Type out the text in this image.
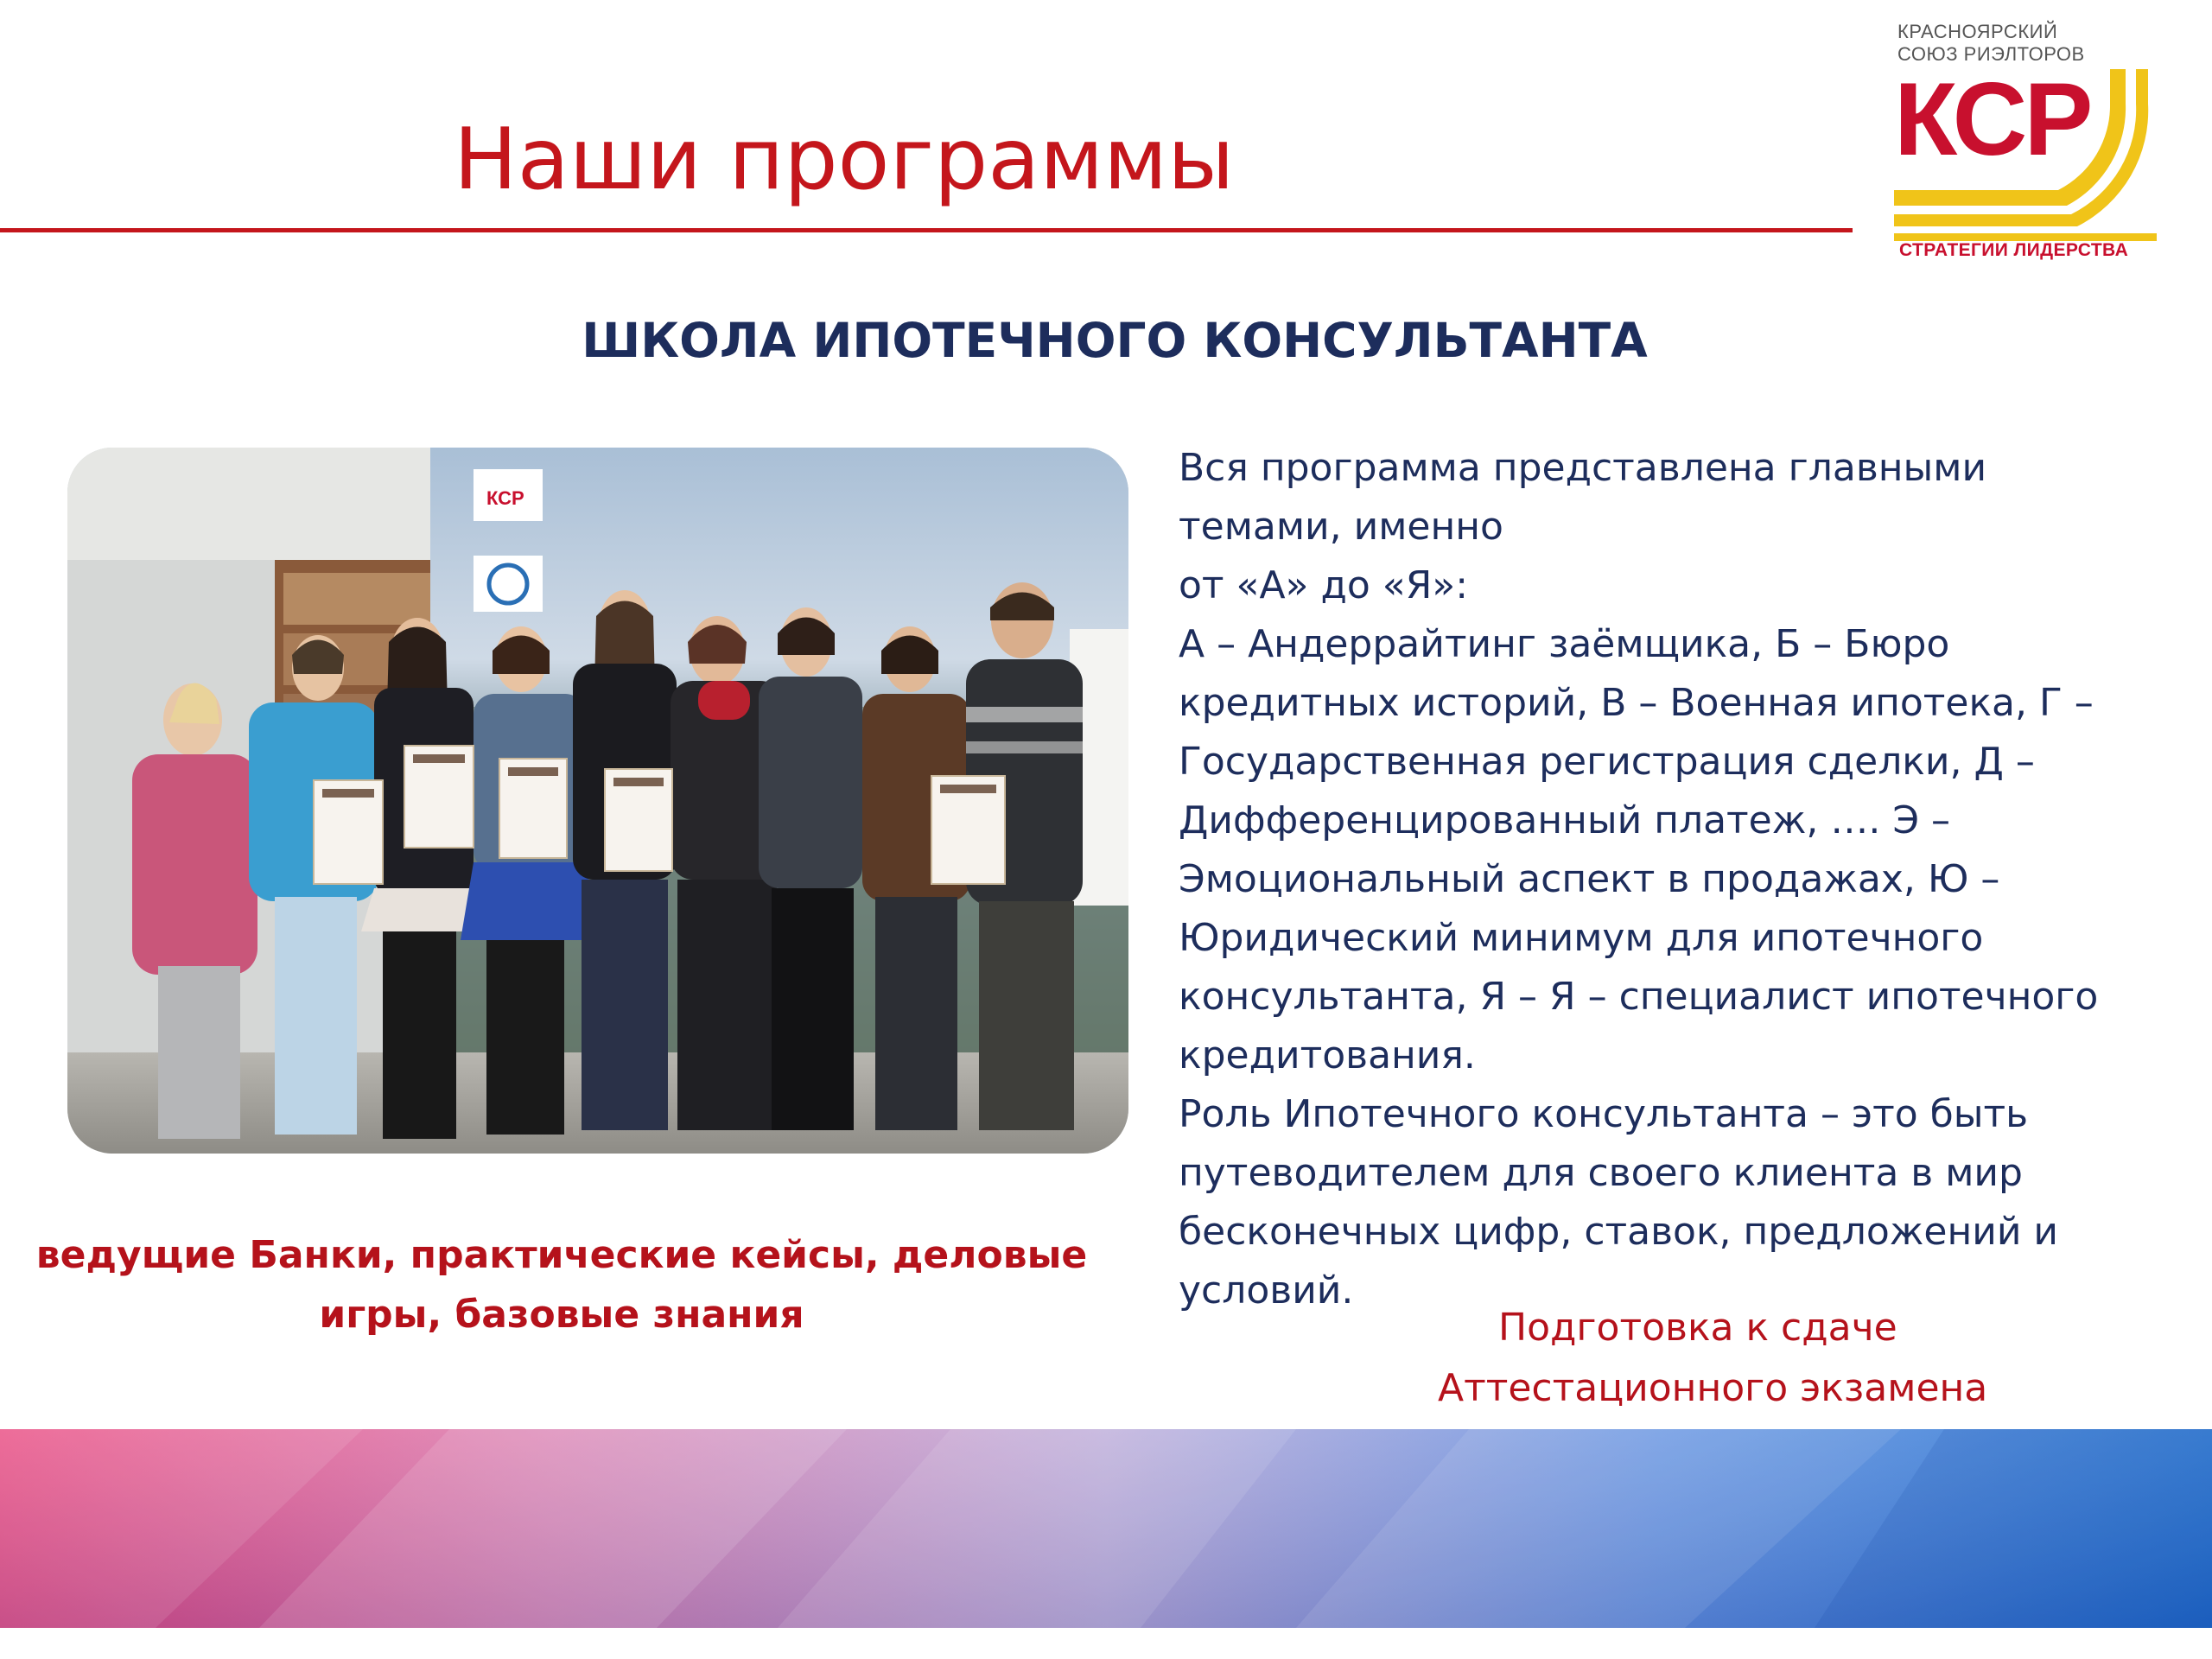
Наши программы
КРАСНОЯРСКИЙ
СОЮЗ РИЭЛТОРОВ
КСР
СТРАТЕГИИ ЛИДЕРСТВА
ШКОЛА ИПОТЕЧНОГО КОНСУЛЬТАНТА
КСР
ведущие Банки, практические кейсы, деловые
игры, базовые знания

Вся программа представлена главными

темами, именно

от «А» до «Я»:

А – Андеррайтинг заёмщика, Б – Бюро

кредитных историй, В – Военная ипотека, Г –

Государственная регистрация сделки, Д –

Дифференцированный платеж, …. Э –

Эмоциональный аспект в продажах, Ю –

Юридический минимум для ипотечного

консультанта, Я – Я – специалист ипотечного

кредитования.

Роль Ипотечного консультанта – это быть

путеводителем для своего клиента в мир

бесконечных цифр, ставок, предложений и

условий.

Подготовка к сдаче
Аттестационного экзамена
